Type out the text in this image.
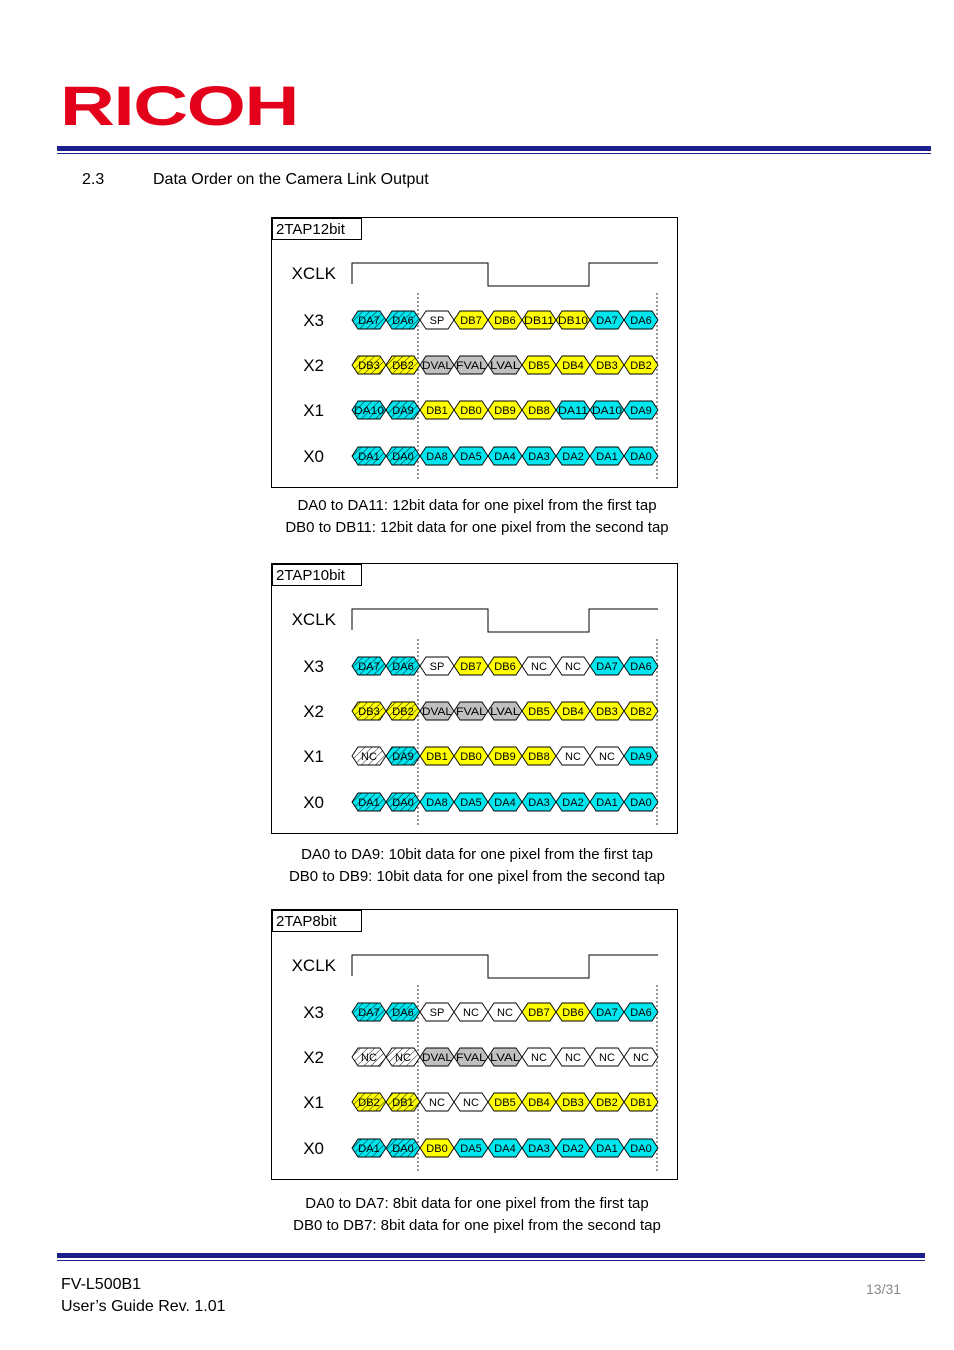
RICOH
2.3	Data Order on the Camera Link Output
2TAP12bit
XCLK
X3	DA7 DA6 SP DB7 DB6 DB11 DB10 DA7 DA6
X2	DB3 DB2 DVAL FVAL LVAL DB5 DB4 DB3 DB2
X1	DA10 DA9 DB1 DB0 DB9 DB8 DA11 DA10 DA9
X0	DA1 DA0 DA8 DA5 DA4 DA3 DA2 DA1 DA0
DA0 to DA11: 12bit data for one pixel from the first tap
DB0 to DB11: 12bit data for one pixel from the second tap
2TAP10bit
XCLK
X3	DA7 DA6 SP DB7 DB6 NC NC DA7 DA6
X2	DB3 DB2 DVAL FVAL LVAL DB5 DB4 DB3 DB2
X1	NC DA9 DB1 DB0 DB9 DB8 NC NC DA9
X0	DA1 DA0 DA8 DA5 DA4 DA3 DA2 DA1 DA0
DA0 to DA9: 10bit data for one pixel from the first tap
DB0 to DB9: 10bit data for one pixel from the second tap
2TAP8bit
XCLK
X3	DA7 DA6 SP NC NC DB7 DB6 DA7 DA6
X2	NC NC DVAL FVAL LVAL NC NC NC NC
X1	DB2 DB1 NC NC DB5 DB4 DB3 DB2 DB1
X0	DA1 DA0 DB0 DA5 DA4 DA3 DA2 DA1 DA0
DA0 to DA7: 8bit data for one pixel from the first tap
DB0 to DB7: 8bit data for one pixel from the second tap
FV-L500B1
User’s Guide Rev. 1.01
13/31
